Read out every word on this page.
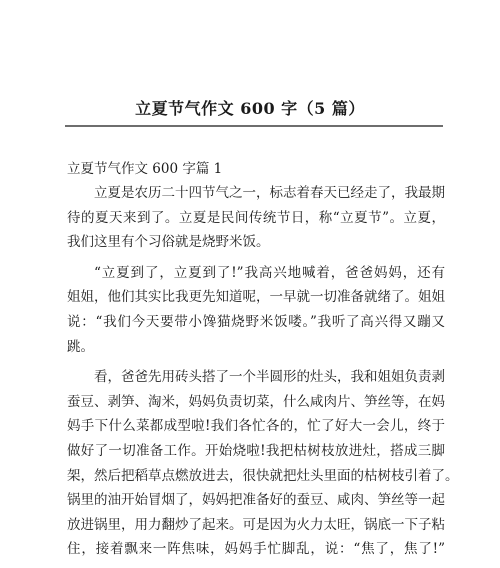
立夏节气作文 600 字（5 篇）
立夏节气作文 600 字篇 1
立夏是农历二十四节气之一，标志着春天已经走了，我最期
待的夏天来到了。立夏是民间传统节日，称“立夏节”。立夏，
我们这里有个习俗就是烧野米饭。
“立夏到了，立夏到了!”我高兴地喊着，爸爸妈妈，还有
姐姐，他们其实比我更先知道呢，一早就一切准备就绪了。姐姐
说：“我们今天要带小馋猫烧野米饭喽。”我听了高兴得又蹦又
跳。
看，爸爸先用砖头搭了一个半圆形的灶头，我和姐姐负责剥
蚕豆、剥笋、淘米，妈妈负责切菜，什么咸肉片、笋丝等，在妈
妈手下什么菜都成型啦!我们各忙各的，忙了好大一会儿，终于
做好了一切准备工作。开始烧啦!我把枯树枝放进灶，搭成三脚
架，然后把稻草点燃放进去，很快就把灶头里面的枯树枝引着了。
锅里的油开始冒烟了，妈妈把准备好的蚕豆、咸肉、笋丝等一起
放进锅里，用力翻炒了起来。可是因为火力太旺，锅底一下子粘
住，接着飘来一阵焦味，妈妈手忙脚乱，说：“焦了，焦了!”
